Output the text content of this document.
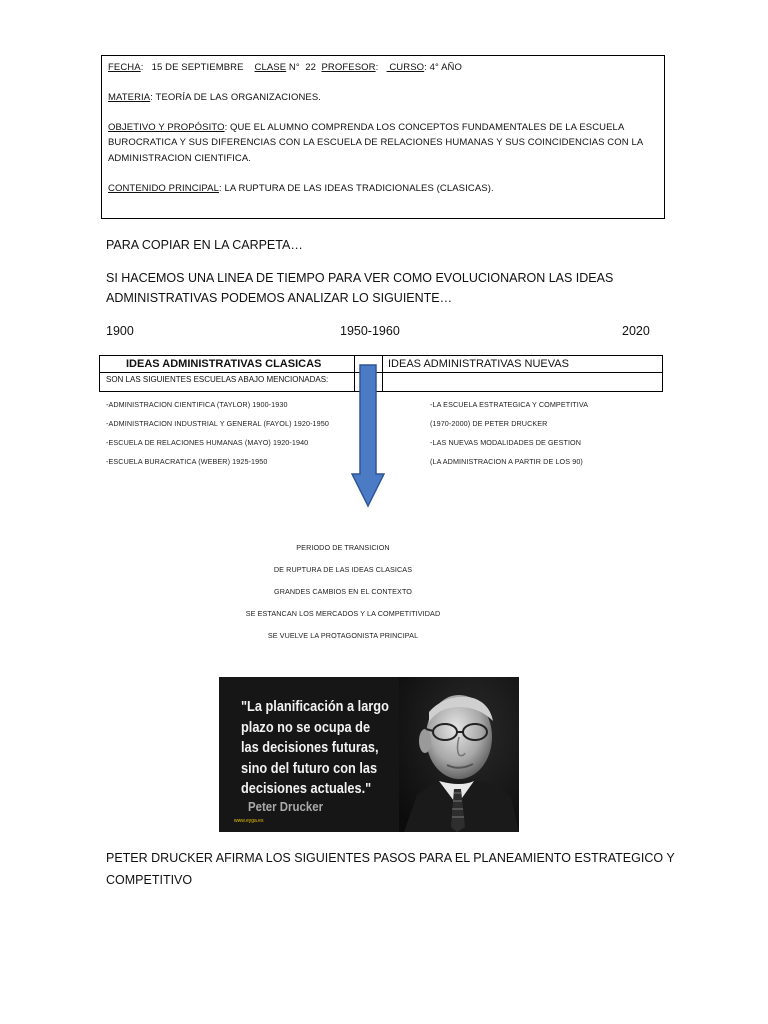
FECHA:   15 DE SEPTIEMBRE    CLASE N°  22  PROFESOR:    CURSO: 4° AÑO
MATERIA: TEORÍA DE LAS ORGANIZACIONES.
OBJETIVO Y PROPÓSITO: QUE EL ALUMNO COMPRENDA LOS CONCEPTOS FUNDAMENTALES DE LA ESCUELA
BUROCRATICA Y SUS DIFERENCIAS CON LA ESCUELA DE RELACIONES HUMANAS Y SUS COINCIDENCIAS CON LA
ADMINISTRACION CIENTIFICA.
CONTENIDO PRINCIPAL: LA RUPTURA DE LAS IDEAS TRADICIONALES (CLASICAS).
PARA COPIAR EN LA CARPETA…
SI HACEMOS UNA LINEA DE TIEMPO PARA VER COMO EVOLUCIONARON LAS IDEAS
ADMINISTRATIVAS PODEMOS ANALIZAR LO SIGUIENTE…
1900	1950-1960	2020
IDEAS ADMINISTRATIVAS CLASICAS	IDEAS ADMINISTRATIVAS NUEVAS
SON LAS SIGUIENTES ESCUELAS ABAJO MENCIONADAS:
-ADMINISTRACION CIENTIFICA (TAYLOR) 1900-1930
-ADMINISTRACION INDUSTRIAL Y GENERAL (FAYOL) 1920-1950
-ESCUELA DE RELACIONES HUMANAS (MAYO) 1920-1940
-ESCUELA BURACRATICA (WEBER) 1925-1950
-LA ESCUELA ESTRATEGICA Y COMPETITIVA
(1970-2000) DE PETER DRUCKER
-LAS NUEVAS MODALIDADES DE GESTION
(LA ADMINISTRACION A PARTIR DE LOS 90)
PERIODO DE TRANSICION
DE RUPTURA DE LAS IDEAS CLASICAS
GRANDES CAMBIOS EN EL CONTEXTO
SE ESTANCAN LOS MERCADOS Y LA COMPETITIVIDAD
SE VUELVE LA PROTAGONISTA PRINCIPAL
"La planificación a largo
plazo no se ocupa de
las decisiones futuras,
sino del futuro con las
decisiones actuales."
Peter Drucker
www.eyga.es
PETER DRUCKER AFIRMA LOS SIGUIENTES PASOS PARA EL PLANEAMIENTO ESTRATEGICO Y
COMPETITIVO
